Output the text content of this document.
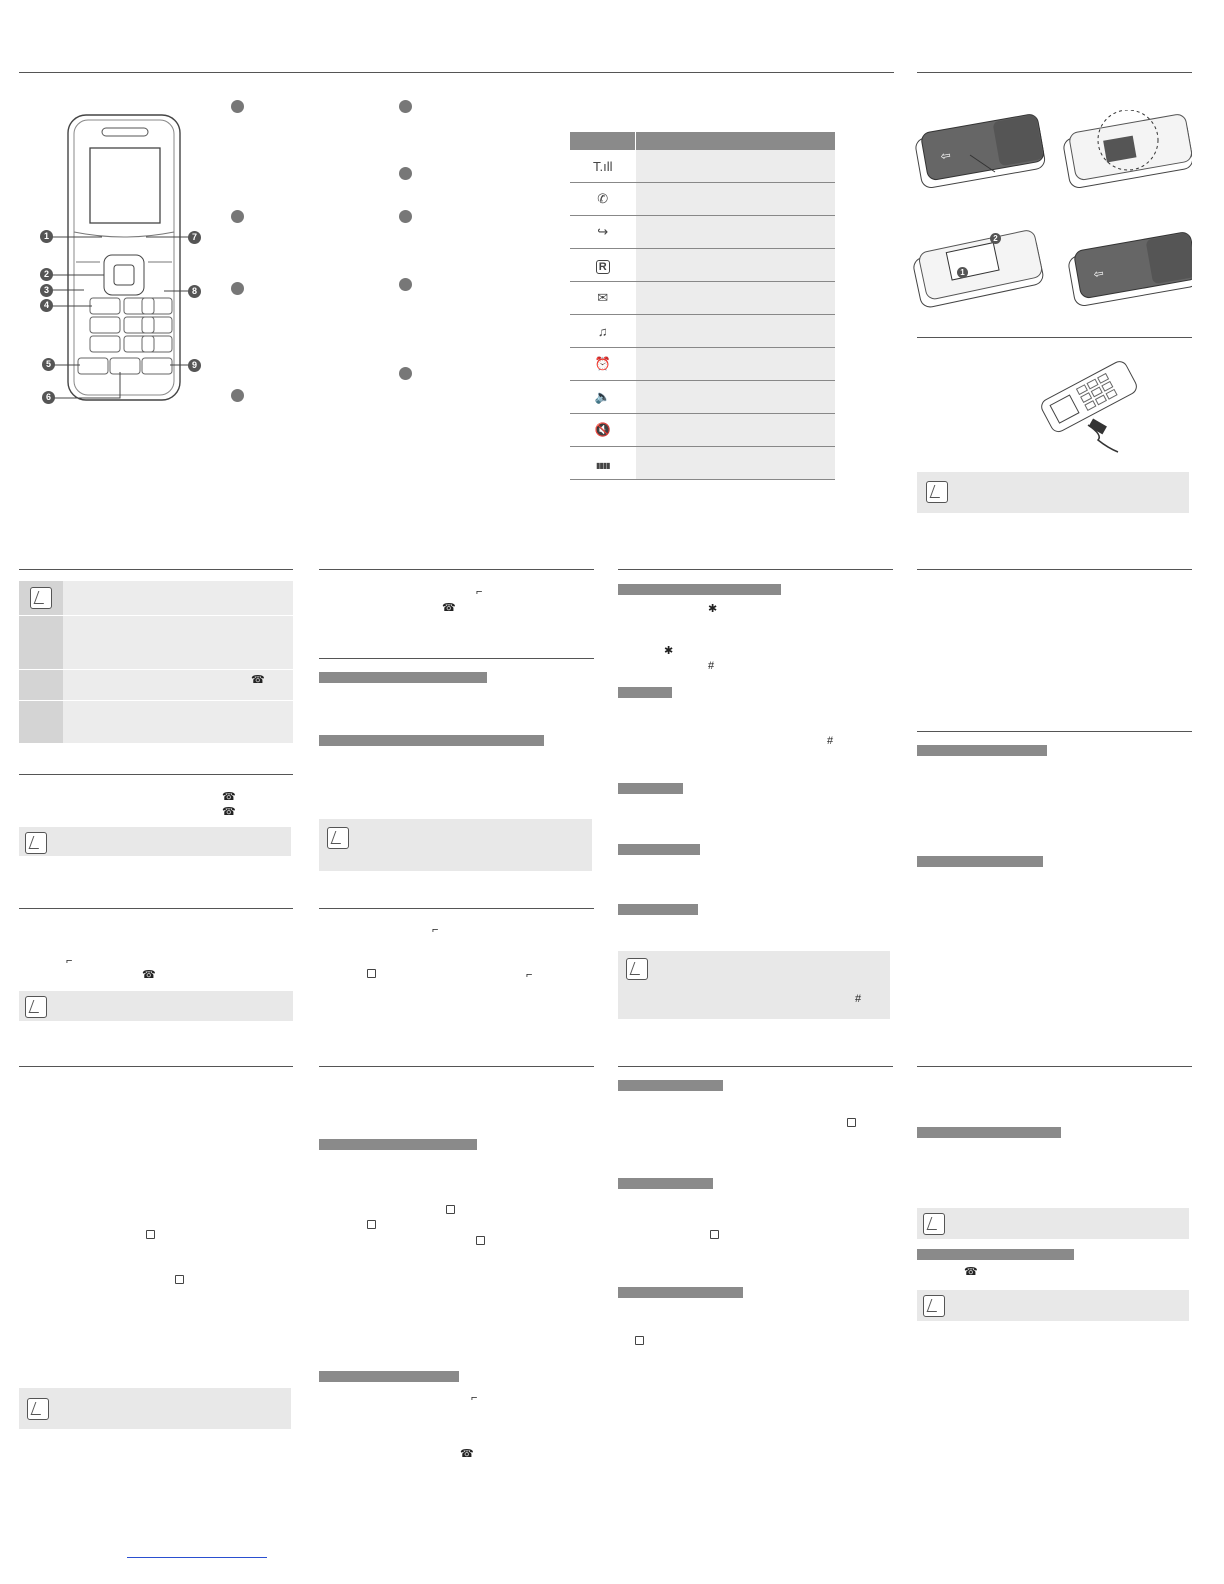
1
2
3
4
5
6
7
8
9

T.ıll	
✆	
↪	
R	
✉	
♫	
⏰	
🔈	
🔇	
▮▮▮▮	
⇦
⇦
1
2
☎
☎
☎
⌐
☎
⌐
☎
⌐
⌐
⌐
☎
✱
✱
#
#
#
☎
